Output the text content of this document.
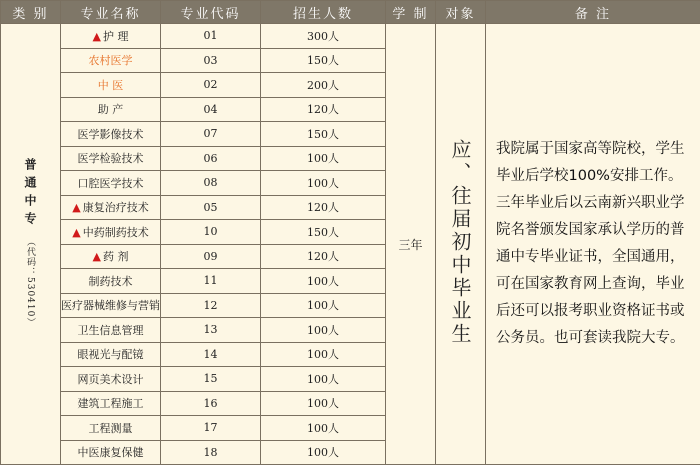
类 别	专业名称	专业代码	招生人数	学 制	对象	备 注
普通中专
（代码：530410）	▲ 护 理	01	300人	三年	应、往届初中毕业生	我院属于国家高等院校，学生毕业后学校100%安排工作。三年毕业后以云南新兴职业学院名誉颁发国家承认学历的普通中专毕业证书，全国通用，可在国家教育网上查询，毕业后还可以报考职业资格证书或公务员。也可套读我院大专。
	农村医学	03	150人			
	中 医	02	200人			
	助 产	04	120人			
	医学影像技术	07	150人			
	医学检验技术	06	100人			
	口腔医学技术	08	100人			
	▲ 康复治疗技术	05	120人			
	▲ 中药制药技术	10	150人			
	▲ 药 剂	09	120人			
	制药技术	11	100人			
	医疗器械维修与营销	12	100人			
	卫生信息管理	13	100人			
	眼视光与配镜	14	100人			
	网页美术设计	15	100人			
	建筑工程施工	16	100人			
	工程测量	17	100人			
	中医康复保健	18	100人			
